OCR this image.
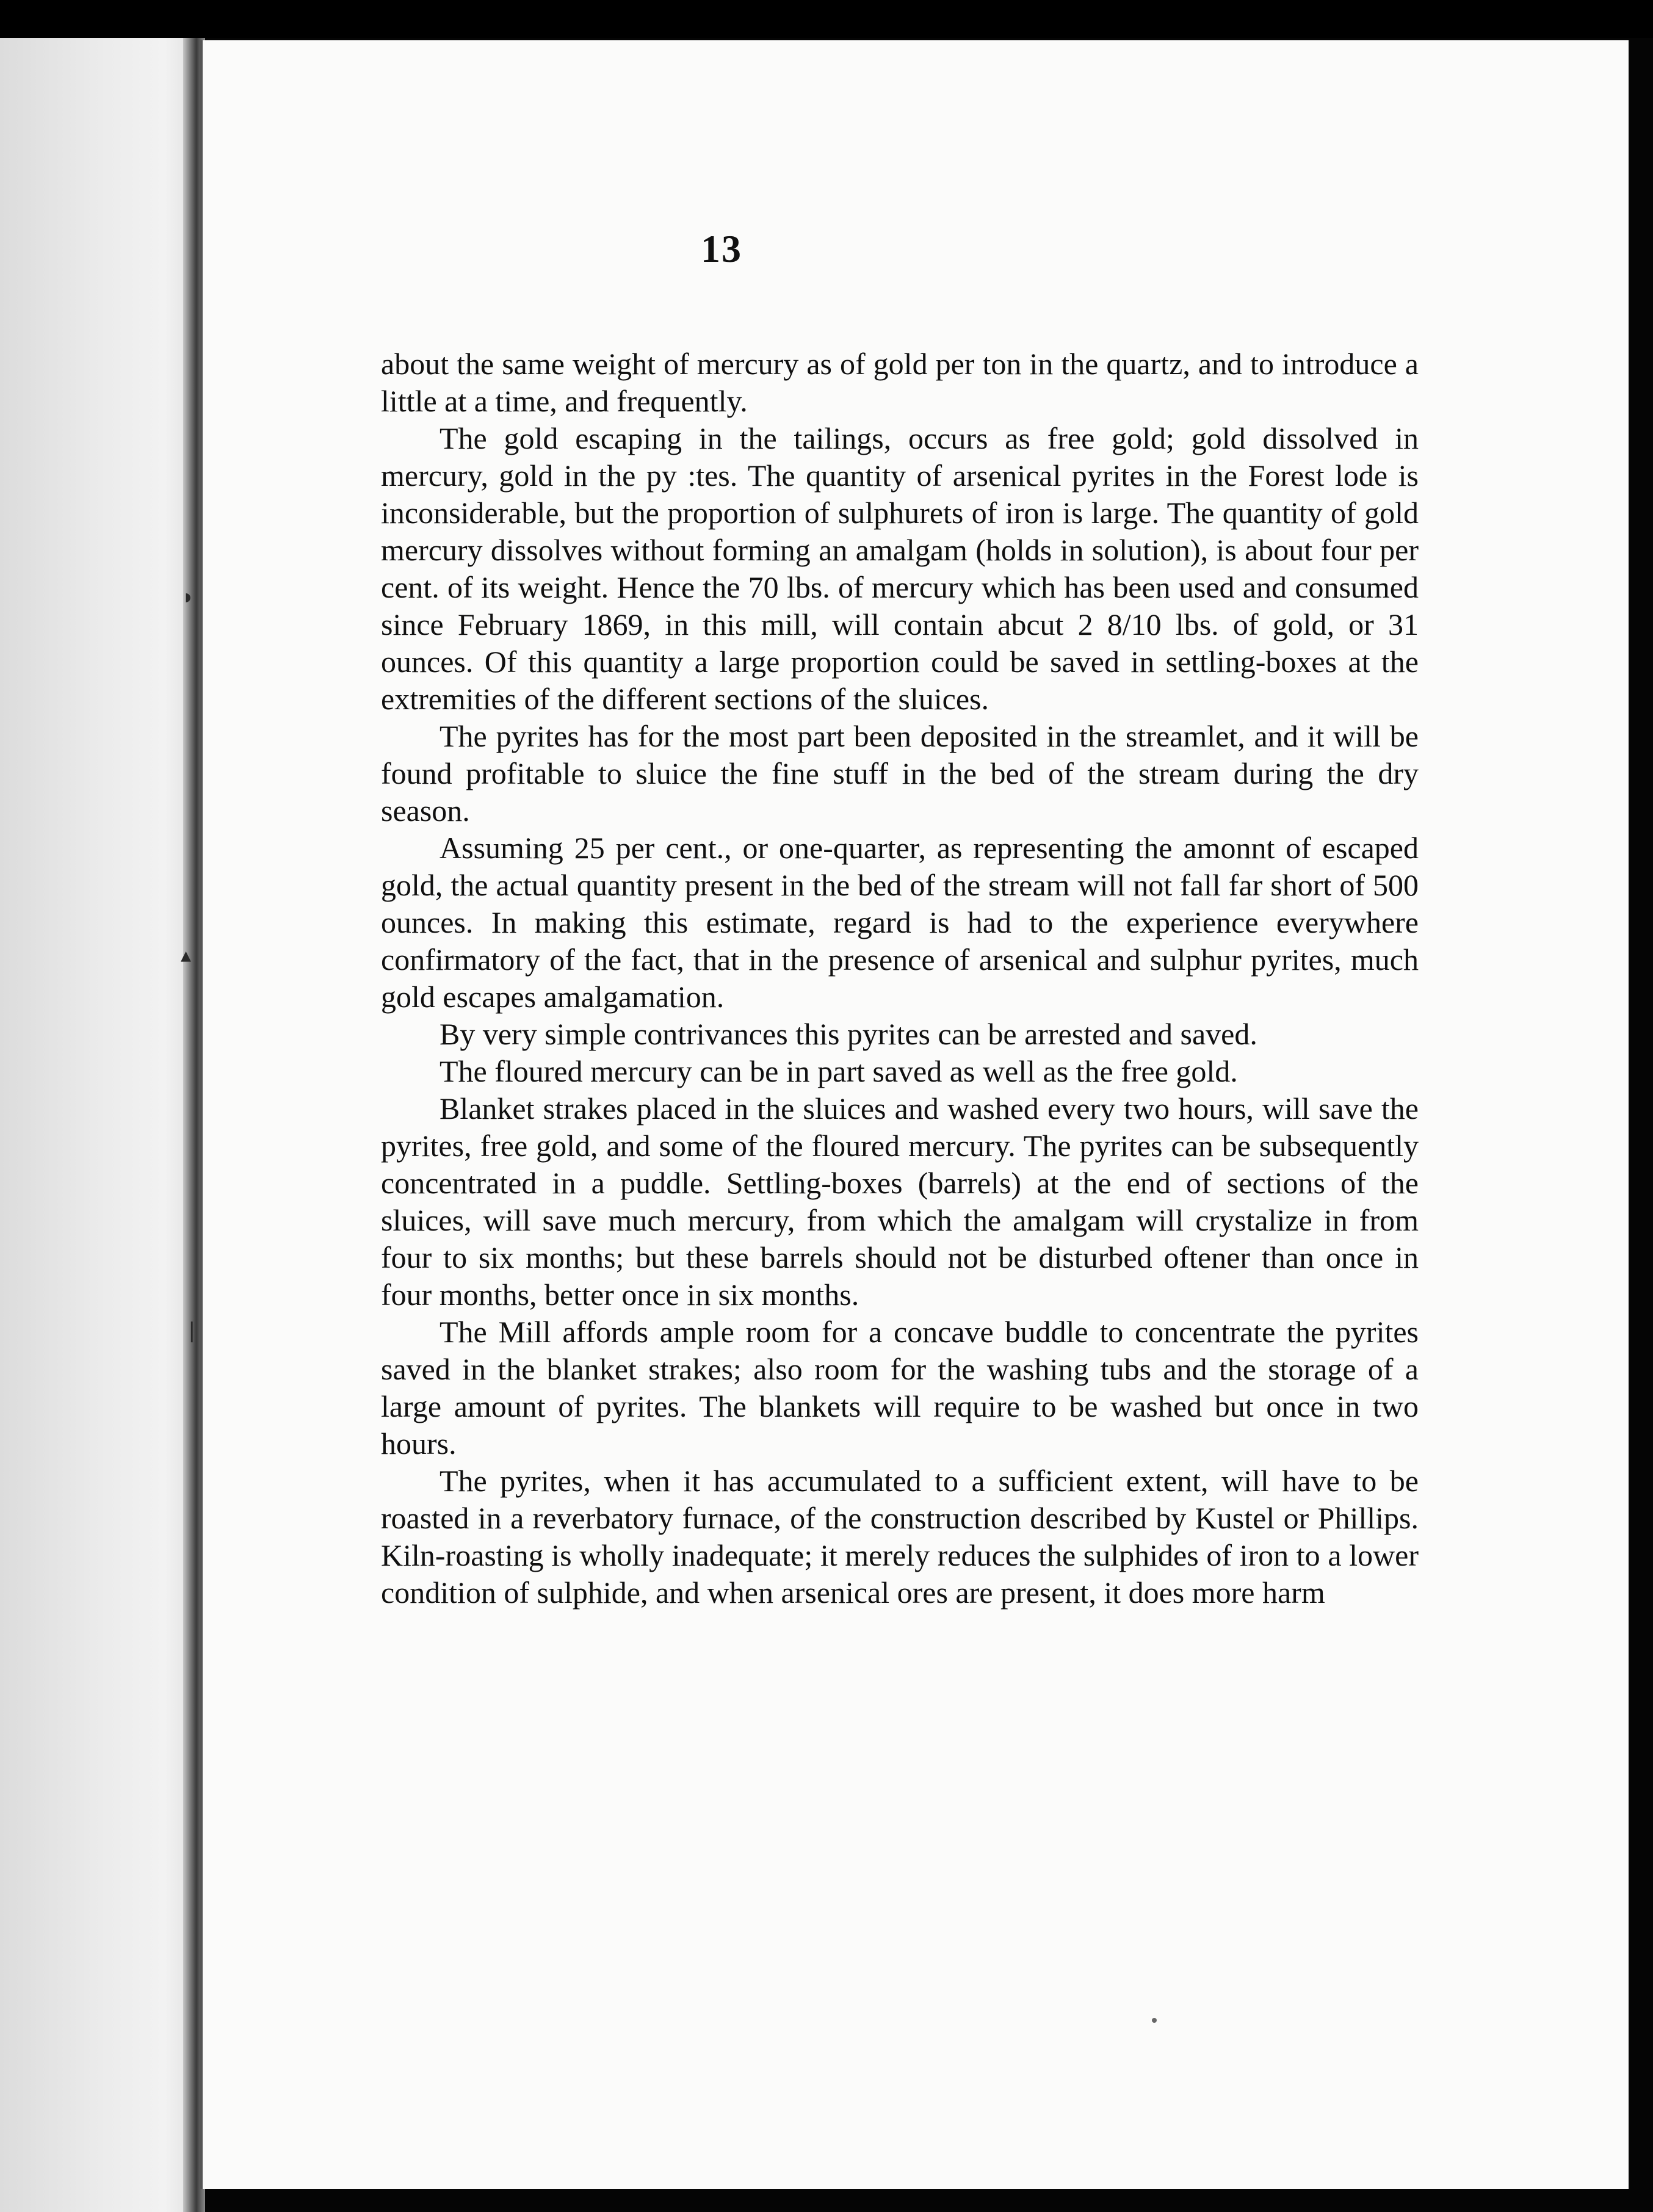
◗
▴
❘
13

about the same weight of mercury as of gold per ton in the quartz, and to introduce a little at a time, and frequently.

The gold escaping in the tailings, occurs as free gold; gold dissolved in mercury, gold in the py :tes. The quantity of arsenical pyrites in the Forest lode is inconsiderable, but the proportion of sulphurets of iron is large. The quantity of gold mercury dissolves without forming an amalgam (holds in solution), is about four per cent. of its weight. Hence the 70 lbs. of mercury which has been used and consumed since February 1869, in this mill, will contain abcut 2 8/10 lbs. of gold, or 31 ounces. Of this quantity a large proportion could be saved in settling-boxes at the extremities of the different sections of the sluices.

The pyrites has for the most part been deposited in the streamlet, and it will be found profitable to sluice the fine stuff in the bed of the stream during the dry season.

Assuming 25 per cent., or one-quarter, as representing the amonnt of escaped gold, the actual quantity present in the bed of the stream will not fall far short of 500 ounces. In making this estimate, regard is had to the experience everywhere confirmatory of the fact, that in the presence of arsenical and sulphur pyrites, much gold escapes amalgamation.

By very simple contrivances this pyrites can be arrested and saved.

The floured mercury can be in part saved as well as the free gold.

Blanket strakes placed in the sluices and washed every two hours, will save the pyrites, free gold, and some of the floured mercury. The pyrites can be subsequently concentrated in a puddle. Settling-boxes (barrels) at the end of sections of the sluices, will save much mercury, from which the amalgam will crystalize in from four to six months; but these barrels should not be disturbed oftener than once in four months, better once in six months.

The Mill affords ample room for a concave buddle to concentrate the pyrites saved in the blanket strakes; also room for the washing tubs and the storage of a large amount of pyrites. The blankets will require to be washed but once in two hours.

The pyrites, when it has accumulated to a sufficient extent, will have to be roasted in a reverbatory furnace, of the construction described by Kustel or Phillips. Kiln-roasting is wholly inadequate; it merely reduces the sulphides of iron to a lower condition of sulphide, and when arsenical ores are present, it does more harm
